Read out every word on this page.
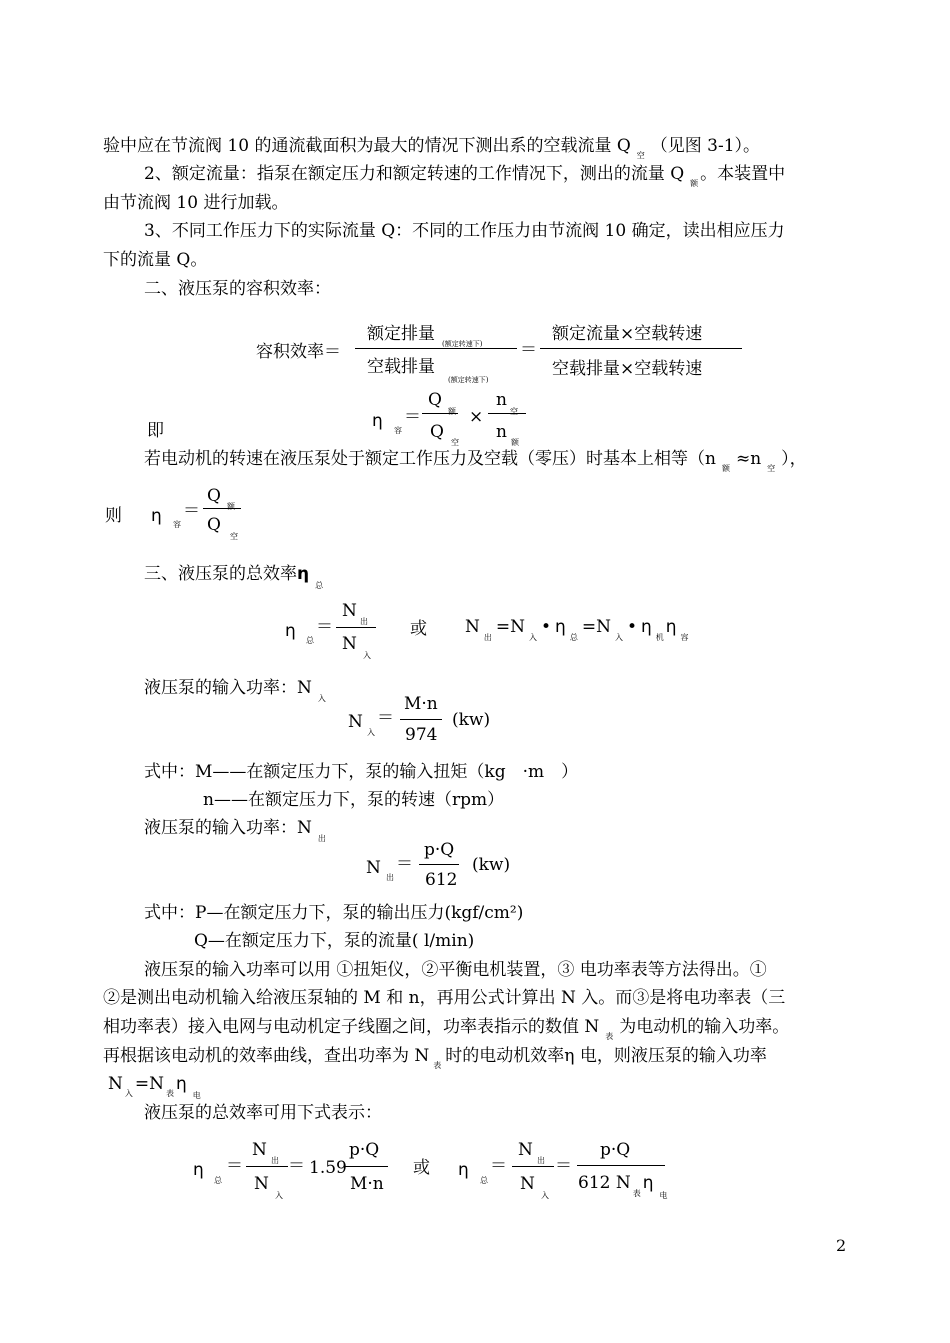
验中应在节流阀 10 的通流截面积为最大的情况下测出系的空载流量 Q $_空$ （见图 3-1）。
2、额定流量：指泵在额定压力和额定转速的工作情况下，测出的流量 Q $_额$ 。本装置中
由节流阀 10 进行加载。
3、不同工作压力下的实际流量 Q：不同的工作压力由节流阀 10 确定，读出相应压力
下的流量 Q。
二、液压泵的容积效率：
容积效率＝
额定排量 (额定转速下)
空载排量
(额定转速下)
＝
额定流量×空载转速
空载排量×空载转速
即	η 容
＝
Q
额
Q
空
×
n
空
n
额
若电动机的转速在液压泵处于额定工作压力及空载（零压）时基本上相等（n $_额$ ≈n $_空$ ），
则 η 容
＝
Q
额
Q
空
三、液压泵的总效率$\eta_总$
η 总
＝
N
出
N
入
或 $N_出=N_入•$ $\eta_总=N_入•$ $\eta_机\eta_容$
液压泵的输入功率：$N_入$
N
入
＝
M·n
974
(kw)
式中：M——在额定压力下，泵的输入扭矩（kg　·m　）
n——在额定压力下，泵的转速（rpm）
液压泵的输入功率：$N_出$
N 出
＝
p·Q
612
(kw)
式中：P—在额定压力下，泵的输出压力(kgf/cm²)
Q—在额定压力下，泵的流量( l/min)
液压泵的输入功率可以用 ①扭矩仪，②平衡电机装置，③ 电功率表等方法得出。①
②是测出电动机输入给液压泵轴的 M 和 n，再用公式计算出 N 入。而③是将电功率表（三
相功率表）接入电网与电动机定子线圈之间，功率表指示的数值 N $_表$ 为电动机的输入功率。
再根据该电动机的效率曲线，查出功率为 N $_表$ 时的电动机效率η 电，则液压泵的输入功率
N $_入$ =N $_表$ $\eta_电$
液压泵的总效率可用下式表示：
η
总
＝
N
出
N
入
＝ 1.59
p·Q
M·n
或 η
总
＝
N
出
N
入
＝
p·Q
612 $N_表\eta_电$
2
